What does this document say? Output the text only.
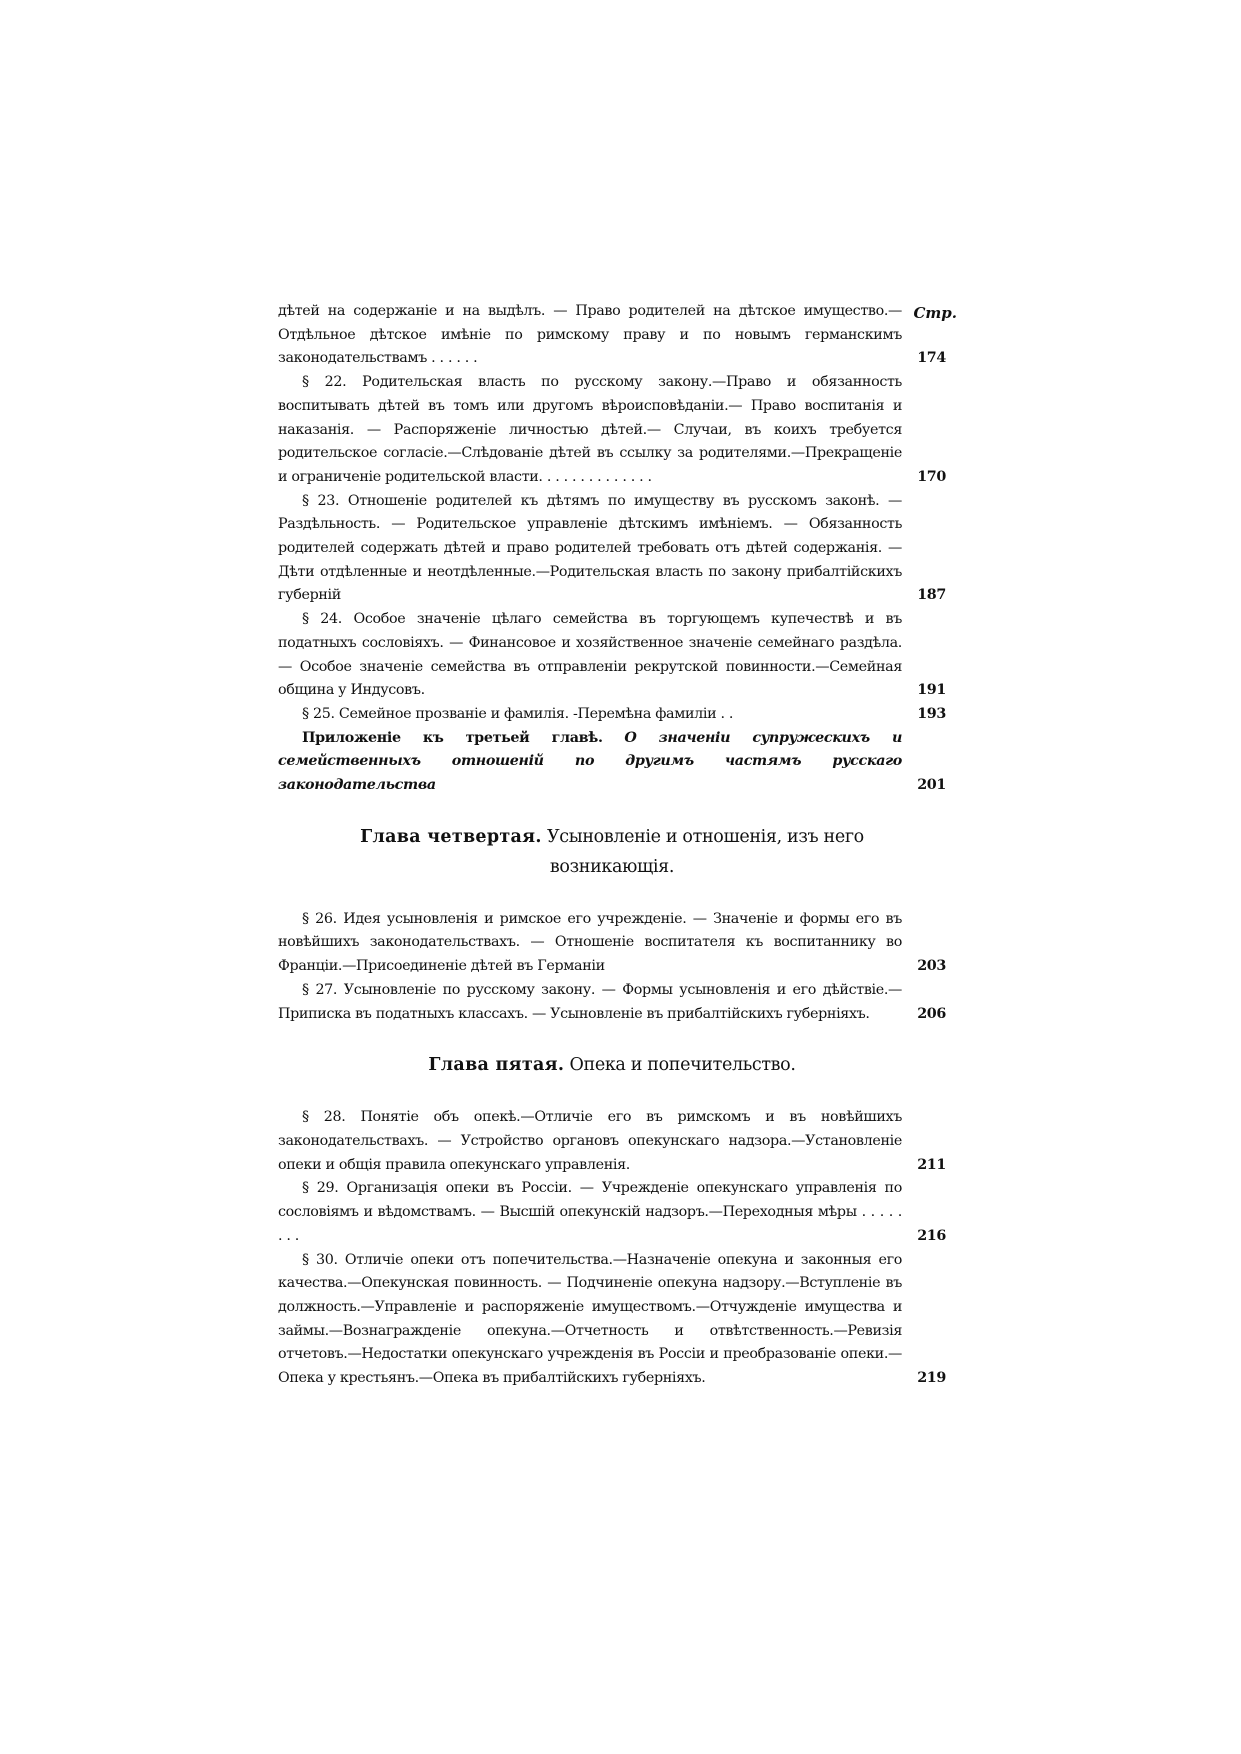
Стр.
дѣтей на содержаніе и на выдѣлъ. — Право родителей на дѣтское имущество.—Отдѣльное дѣтское имѣніе по римскому праву и по новымъ германскимъ законодательствамъ . . . . . .	174
§ 22. Родительская власть по русскому закону.—Право и обязанность воспитывать дѣтей въ томъ или другомъ вѣроисповѣданіи.— Право воспитанія и наказанія. — Распоряженіе личностью дѣтей.— Случаи, въ коихъ требуется родительское согласіе.—Слѣдованіе дѣтей въ ссылку за родителями.—Прекращеніе и ограниченіе родительской власти. . . . . . . . . . . . . .	170
§ 23. Отношеніе родителей къ дѣтямъ по имуществу въ русскомъ законѣ. — Раздѣльность. — Родительское управленіе дѣтскимъ имѣніемъ. — Обязанность родителей содержать дѣтей и право родителей требовать отъ дѣтей содержанія. — Дѣти отдѣленные и неотдѣленные.—Родительская власть по закону прибалтійскихъ губерній	187
§ 24. Особое значеніе цѣлаго семейства въ торгующемъ купечествѣ и въ податныхъ сословіяхъ. — Финансовое и хозяйственное значеніе семейнаго раздѣла. — Особое значеніе семейства въ отправленіи рекрутской повинности.—Семейная община у Индусовъ.	191
§ 25. Семейное прозваніе и фамилія. -Перемѣна фамиліи . .	193
Приложеніе къ третьей главѣ. О значеніи супружескихъ и семейственныхъ отношеній по другимъ частямъ русскаго законодательства	201
Глава четвертая. Усыновленіе и отношенія, изъ него возникающія.
§ 26. Идея усыновленія и римское его учрежденіе. — Значеніе и формы его въ новѣйшихъ законодательствахъ. — Отношеніе воспитателя къ воспитаннику во Франціи.—Присоединеніе дѣтей въ Германіи	203
§ 27. Усыновленіе по русскому закону. — Формы усыновленія и его дѣйствіе.—Приписка въ податныхъ классахъ. — Усыновленіе въ прибалтійскихъ губерніяхъ.	206
Глава пятая. Опека и попечительство.
§ 28. Понятіе объ опекѣ.—Отличіе его въ римскомъ и въ новѣйшихъ законодательствахъ. — Устройство органовъ опекунскаго надзора.—Установленіе опеки и общія правила опекунскаго управленія.	211
§ 29. Организація опеки въ Россіи. — Учрежденіе опекунскаго управленія по сословіямъ и вѣдомствамъ. — Высшій опекунскій надзоръ.—Переходныя мѣры . . . . . . . .	216
§ 30. Отличіе опеки отъ попечительства.—Назначеніе опекуна и законныя его качества.—Опекунская повинность. — Подчиненіе опекуна надзору.—Вступленіе въ должность.—Управленіе и распоряженіе имуществомъ.—Отчужденіе имущества и займы.—Вознагражденіе опекуна.—Отчетность и отвѣтственность.—Ревизія отчетовъ.—Недостатки опекунскаго учрежденія въ Россіи и преобразованіе опеки.— Опека у крестьянъ.—Опека въ прибалтійскихъ губерніяхъ.	219
